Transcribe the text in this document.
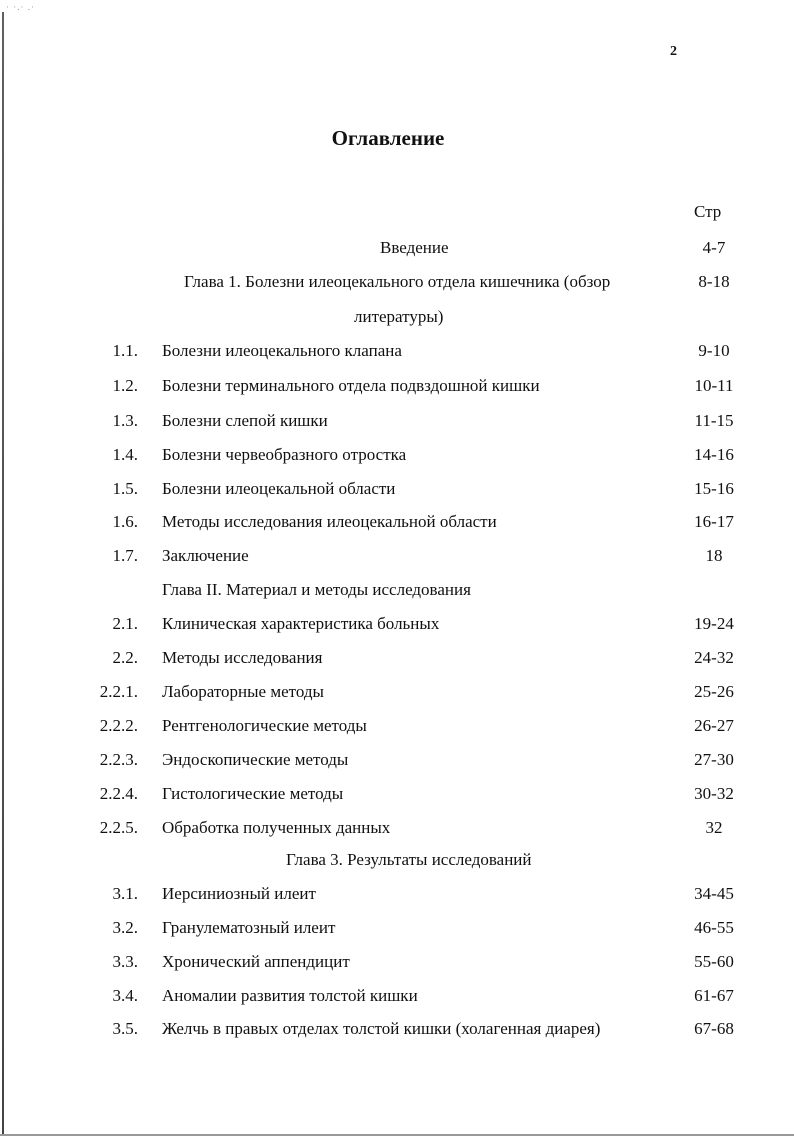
· ·.· .·
2
Оглавление
Стр
Введение	4-7
Глава 1. Болезни илеоцекального отдела кишечника (обзор	8-18
литературы)
1.1. Болезни илеоцекального клапана	9-10
1.2. Болезни терминального отдела подвздошной кишки	10-11
1.3. Болезни слепой кишки	11-15
1.4. Болезни червеобразного отростка	14-16
1.5. Болезни илеоцекальной области	15-16
1.6. Методы исследования илеоцекальной области	16-17
1.7. Заключение	18
Глава II. Материал и методы исследования
2.1. Клиническая характеристика больных	19-24
2.2. Методы исследования	24-32
2.2.1. Лабораторные методы	25-26
2.2.2. Рентгенологические методы	26-27
2.2.3. Эндоскопические методы	27-30
2.2.4. Гистологические методы	30-32
2.2.5. Обработка полученных данных	32
Глава 3. Результаты исследований
3.1. Иерсиниозный илеит	34-45
3.2. Гранулематозный илеит	46-55
3.3. Хронический аппендицит	55-60
3.4. Аномалии развития толстой кишки	61-67
3.5. Желчь в правых отделах толстой кишки (холагенная диарея)	67-68
